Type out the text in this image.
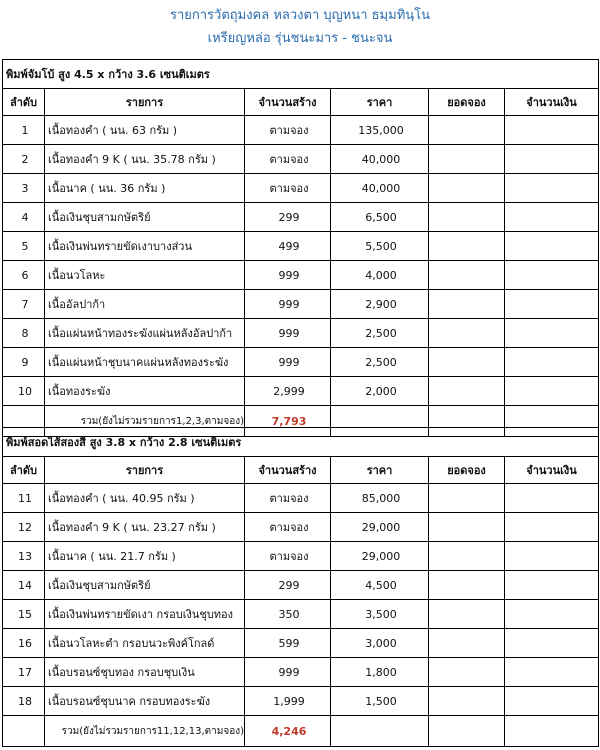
รายการวัตถุมงคล หลวงตา บุญหนา ธมฺมทินฺโน
เหรียญหล่อ รุ่นชนะมาร - ชนะจน
พิมพ์จัมโบ้ สูง 4.5 x กว้าง 3.6 เซนติเมตร					
ลำดับ	รายการ	จำนวนสร้าง	ราคา	ยอดจอง	จำนวนเงิน
1	เนื้อทองคำ ( นน. 63 กรัม )	ตามจอง	135,000		
2	เนื้อทองคำ 9 K ( นน. 35.78 กรัม )	ตามจอง	40,000		
3	เนื้อนาค ( นน. 36 กรัม )	ตามจอง	40,000		
4	เนื้อเงินชุบสามกษัตริย์	299	6,500		
5	เนื้อเงินพ่นทรายขัดเงาบางส่วน	499	5,500		
6	เนื้อนวโลหะ	999	4,000		
7	เนื้ออัลปาก้า	999	2,900		
8	เนื้อแผ่นหน้าทองระฆังแผ่นหลังอัลปาก้า	999	2,500		
9	เนื้อแผ่นหน้าชุบนาคแผ่นหลังทองระฆัง	999	2,500		
10	เนื้อทองระฆัง	2,999	2,000		
	รวม(ยังไม่รวมรายการ1,2,3,ตามจอง)	7,793			
พิมพ์สอดไส้สองสี สูง 3.8 x กว้าง 2.8 เซนติเมตร					
ลำดับ	รายการ	จำนวนสร้าง	ราคา	ยอดจอง	จำนวนเงิน
11	เนื้อทองคำ ( นน. 40.95 กรัม )	ตามจอง	85,000		
12	เนื้อทองคำ 9 K ( นน. 23.27 กรัม )	ตามจอง	29,000		
13	เนื้อนาค ( นน. 21.7 กรัม )	ตามจอง	29,000		
14	เนื้อเงินชุบสามกษัตริย์	299	4,500		
15	เนื้อเงินพ่นทรายขัดเงา กรอบเงินชุบทอง	350	3,500		
16	เนื้อนวโลหะตำ กรอบนวะพิงค์โกลด์	599	3,000		
17	เนื้อบรอนซ์ชุบทอง กรอบชุบเงิน	999	1,800		
18	เนื้อบรอนซ์ชุบนาค กรอบทองระฆัง	1,999	1,500		
	รวม(ยังไม่รวมรายการ11,12,13,ตามจอง)	4,246			
